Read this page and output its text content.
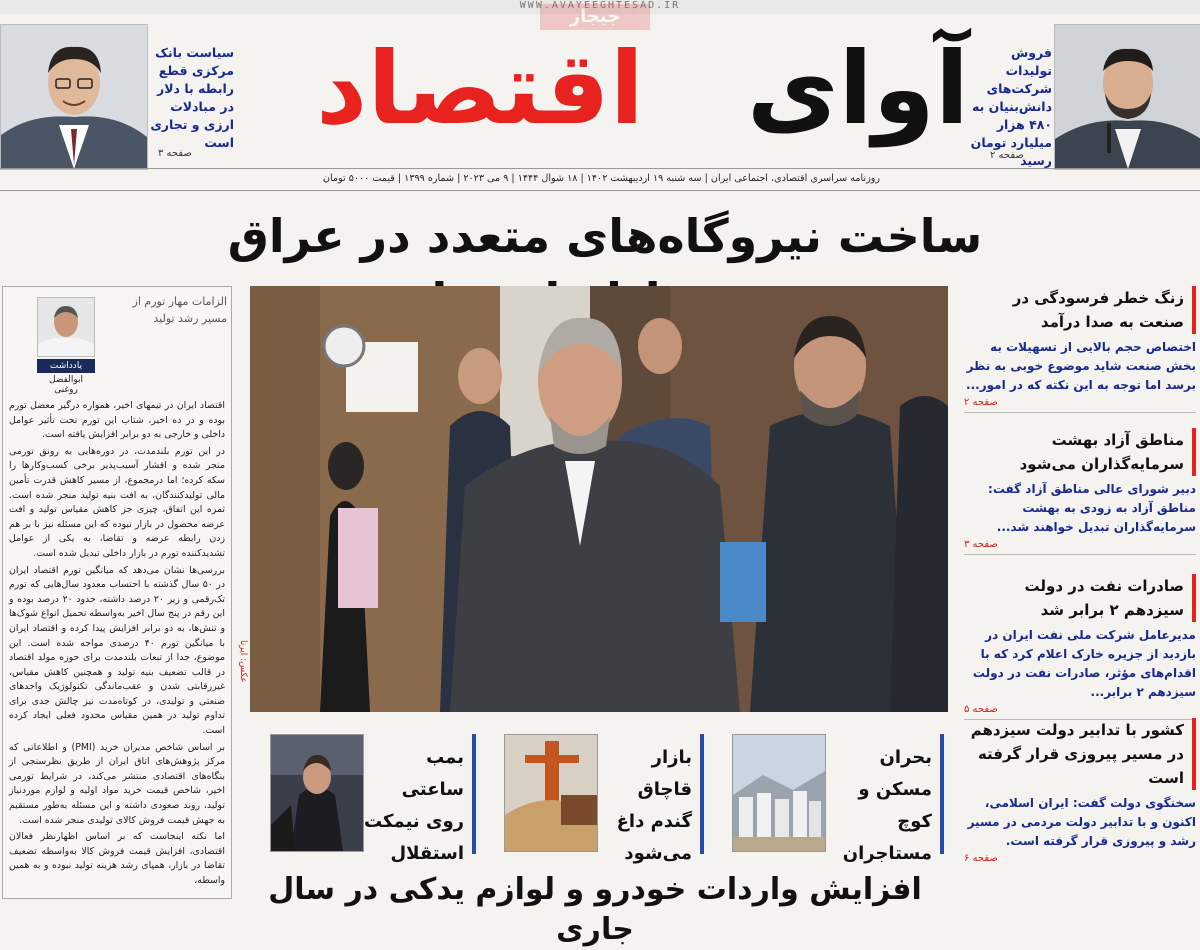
WWW.AVAYEEGHTESAD.IR
جیجار
اقتصاد	آوای
سیاست بانک مرکزی قطع رابطه با دلار در مبادلات ارزی و تجاری است
صفحه ۳
فروش تولیدات شرکت‌های دانش‌بنیان به ۴۸۰ هزار میلیارد تومان رسید
صفحه ۲
روزنامه سراسری اقتصادی، اجتماعی ایران | سه شنبه ۱۹ اردیبهشت ۱۴۰۲ | ۱۸ شوال ۱۴۴۴ | ۹ می ۲۰۲۳ | شماره ۱۳۹۹ | قیمت ۵۰۰۰ تومان
ساخت نیروگاه‌های متعدد در عراق
عکس: ایرنا
الزامات مهار تورم از مسیر رشد تولید
یادداشت
ابوالفضل روغنی

اقتصاد ایران در تیمهای اخیر، همواره درگیر معضل تورم بوده و در ده اخیر، شتاب این تورم تحت تأثیر عوامل داخلی و خارجی به دو برابر افزایش یافته است.

در این تورم بلندمدت، در دوره‌هایی به رونق تورمی منجر شده و اقشار آسیب‌پذیر برخی کسب‌وکارها را سکه کرده؛ اما درمجموع، از مسیر کاهش قدرت تأمین مالی تولیدکنندگان، به افت بنیه تولید منجر شده است. ثمره این اتفاق، چیزی جز کاهش مقیاس تولید و افت عرضه محصول در بازار نبوده که این مسئله نیز با بر هم زدن رابطه عرضه و تقاضا، به یکی از عوامل تشدیدکننده تورم در بازار داخلی تبدیل شده است.

بررسی‌ها نشان می‌دهد که میانگین تورم اقتصاد ایران در ۵۰ سال گذشته با احتساب معدود سال‌هایی که تورم تک‌رقمی و زیر ۲۰ درصد داشته، حدود ۲۰ درصد بوده و این رقم در پنج سال اخیر به‌واسطه تحمیل انواع شوک‌ها و تنش‌ها، به دو برابر افزایش پیدا کرده و اقتصاد ایران با میانگین تورم ۴۰ درصدی مواجه شده است. این موضوع، جدا از تبعات بلندمدت برای حوزه مولد اقتصاد در قالب تضعیف بنیه تولید و همچنین کاهش مقیاس، غیررقابتی شدن و عقب‌ماندگی تکنولوژیک واحدهای صنعتی و تولیدی، در کوتاه‌مدت نیز چالش جدی برای تداوم تولید در همین مقیاس محدود فعلی ایجاد کرده است.

بر اساس شاخص مدیران خرید (PMI) و اطلاعاتی که مرکز پژوهش‌های اتاق ایران از طریق نظرسنجی از بنگاه‌های اقتصادی منتشر می‌کند، در شرایط تورمی اخیر، شاخص قیمت خرید مواد اولیه و لوازم موردنیاز تولید، روند صعودی داشته و این مسئله به‌طور مستقیم به جهش قیمت فروش کالای تولیدی منجر شده است.

اما نکته اینجاست که بر اساس اظهارنظر فعالان اقتصادی، افزایش قیمت فروش کالا به‌واسطه تضعیف تقاضا در بازار، همپای رشد هزینه تولید نبوده و به همین واسطه،

زنگ خطر فرسودگی در صنعت به صدا درآمد
اختصاص حجم بالایی از تسهیلات به بخش صنعت شاید موضوع خوبی به نظر برسد اما توجه به این نکته که در امور...
صفحه ۲
مناطق آزاد بهشت سرمایه‌گذاران می‌شود
دبیر شورای عالی مناطق آزاد گفت: مناطق آزاد به زودی به بهشت سرمایه‌گذاران تبدیل خواهند شد...
صفحه ۳
صادرات نفت در دولت سیزدهم ۲ برابر شد
مدیرعامل شرکت ملی نفت ایران در بازدید از جزیره خارک اعلام کرد که با اقدام‌های مؤثر، صادرات نفت در دولت سیزدهم ۲ برابر...
صفحه ۵
کشور با تدابیر دولت سیزدهم در مسیر پیروزی قرار گرفته است
سخنگوی دولت گفت: ایران اسلامی، اکنون و با تدابیر دولت مردمی در مسیر رشد و پیروزی قرار گرفته است.
صفحه ۶
بحران مسکن و کوچ مستاجران
بازار قاچاق گندم داغ می‌شود
بمب ساعتی روی نیمکت استقلال
افزایش واردات خودرو و لوازم یدکی در سال جاری
